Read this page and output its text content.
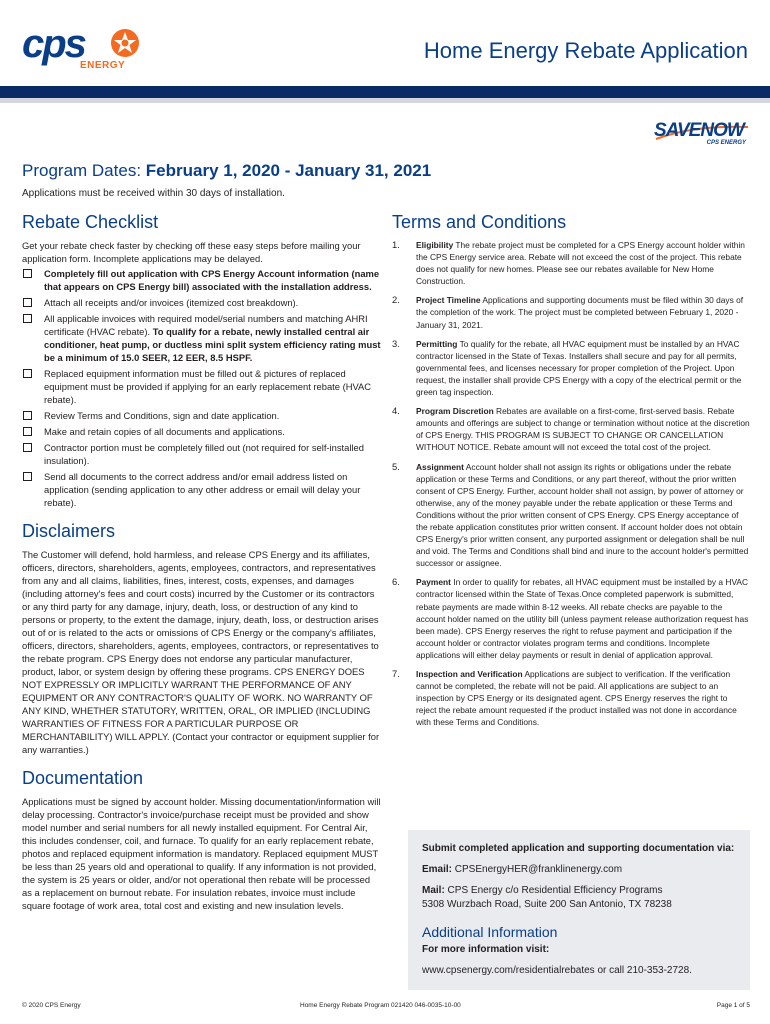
cps
ENERGY
Home Energy Rebate Application
SAVENOW
CPS ENERGY
Program Dates: February 1, 2020 - January 31, 2021
Applications must be received within 30 days of installation.
Rebate Checklist

Get your rebate check faster by checking off these easy steps before mailing your application form. Incomplete applications may be delayed.

Completely fill out application with CPS Energy Account information (name that appears on CPS Energy bill) associated with the installation address.
Attach all receipts and/or invoices (itemized cost breakdown).
All applicable invoices with required model/serial numbers and matching AHRI certificate (HVAC rebate). To qualify for a rebate, newly installed central air conditioner, heat pump, or ductless mini split system efficiency rating must be a minimum of 15.0 SEER, 12 EER, 8.5 HSPF.
Replaced equipment information must be filled out & pictures of replaced equipment must be provided if applying for an early replacement rebate (HVAC rebate).
Review Terms and Conditions, sign and date application.
Make and retain copies of all documents and applications.
Contractor portion must be completely filled out (not required for self-installed insulation).
Send all documents to the correct address and/or email address listed on application (sending application to any other address or email will delay your rebate).
Disclaimers

The Customer will defend, hold harmless, and release CPS Energy and its affiliates, officers, directors, shareholders, agents, employees, contractors, and representatives from any and all claims, liabilities, fines, interest, costs, expenses, and damages (including attorney's fees and court costs) incurred by the Customer or its contractors or any third party for any damage, injury, death, loss, or destruction of any kind to persons or property, to the extent the damage, injury, death, loss, or destruction arises out of or is related to the acts or omissions of CPS Energy or the company's affiliates, officers, directors, shareholders, agents, employees, contractors, or representatives to the rebate program. CPS Energy does not endorse any particular manufacturer, product, labor, or system design by offering these programs. CPS ENERGY DOES NOT EXPRESSLY OR IMPLICITLY WARRANT THE PERFORMANCE OF ANY EQUIPMENT OR ANY CONTRACTOR'S QUALITY OF WORK. NO WARRANTY OF ANY KIND, WHETHER STATUTORY, WRITTEN, ORAL, OR IMPLIED (INCLUDING WARRANTIES OF FITNESS FOR A PARTICULAR PURPOSE OR MERCHANTABILITY) WILL APPLY. (Contact your contractor or equipment supplier for any warranties.)

Documentation

Applications must be signed by account holder. Missing documentation/information will delay processing. Contractor's invoice/purchase receipt must be provided and show model number and serial numbers for all newly installed equipment. For Central Air, this includes condenser, coil, and furnace. To qualify for an early replacement rebate, photos and replaced equipment information is mandatory. Replaced equipment MUST be less than 25 years old and operational to qualify. If any information is not provided, the system is 25 years or older, and/or not operational then rebate will be processed as a replacement on burnout rebate. For insulation rebates, invoice must include square footage of work area, total cost and existing and new insulation levels.

Terms and Conditions
1. Eligibility The rebate project must be completed for a CPS Energy account holder within the CPS Energy service area. Rebate will not exceed the cost of the project. This rebate does not qualify for new homes. Please see our rebates available for New Home Construction.
2. Project Timeline Applications and supporting documents must be filed within 30 days of the completion of the work. The project must be completed between February 1, 2020 - January 31, 2021.
3. Permitting To qualify for the rebate, all HVAC equipment must be installed by an HVAC contractor licensed in the State of Texas. Installers shall secure and pay for all permits, governmental fees, and licenses necessary for proper completion of the Project. Upon request, the installer shall provide CPS Energy with a copy of the electrical permit or the green tag inspection.
4. Program Discretion Rebates are available on a first-come, first-served basis. Rebate amounts and offerings are subject to change or termination without notice at the discretion of CPS Energy. THIS PROGRAM IS SUBJECT TO CHANGE OR CANCELLATION WITHOUT NOTICE. Rebate amount will not exceed the total cost of the project.
5. Assignment Account holder shall not assign its rights or obligations under the rebate application or these Terms and Conditions, or any part thereof, without the prior written consent of CPS Energy. Further, account holder shall not assign, by power of attorney or otherwise, any of the money payable under the rebate application or these Terms and Conditions without the prior written consent of CPS Energy. CPS Energy acceptance of the rebate application constitutes prior written consent. If account holder does not obtain CPS Energy's prior written consent, any purported assignment or delegation shall be null and void. The Terms and Conditions shall bind and inure to the account holder's permitted successor or assignee.
6. Payment In order to qualify for rebates, all HVAC equipment must be installed by a HVAC contractor licensed within the State of Texas.Once completed paperwork is submitted, rebate payments are made within 8-12 weeks. All rebate checks are payable to the account holder named on the utility bill (unless payment release authorization request has been made). CPS Energy reserves the right to refuse payment and participation if the account holder or contractor violates program terms and conditions. Incomplete applications will either delay payments or result in denial of application approval.
7. Inspection and Verification Applications are subject to verification. If the verification cannot be completed, the rebate will not be paid. All applications are subject to an inspection by CPS Energy or its designated agent. CPS Energy reserves the right to reject the rebate amount requested if the product installed was not done in accordance with these Terms and Conditions.
Submit completed application and supporting documentation via:
Email: CPSEnergyHER@franklinenergy.com
Mail: CPS Energy c/o Residential Efficiency Programs
5308 Wurzbach Road, Suite 200 San Antonio, TX 78238
Additional Information
For more information visit:
www.cpsenergy.com/residentialrebates or call 210-353-2728.
© 2020 CPS Energy	Home Energy Rebate Program 021420 046-0035-10-00	Page 1 of 5
